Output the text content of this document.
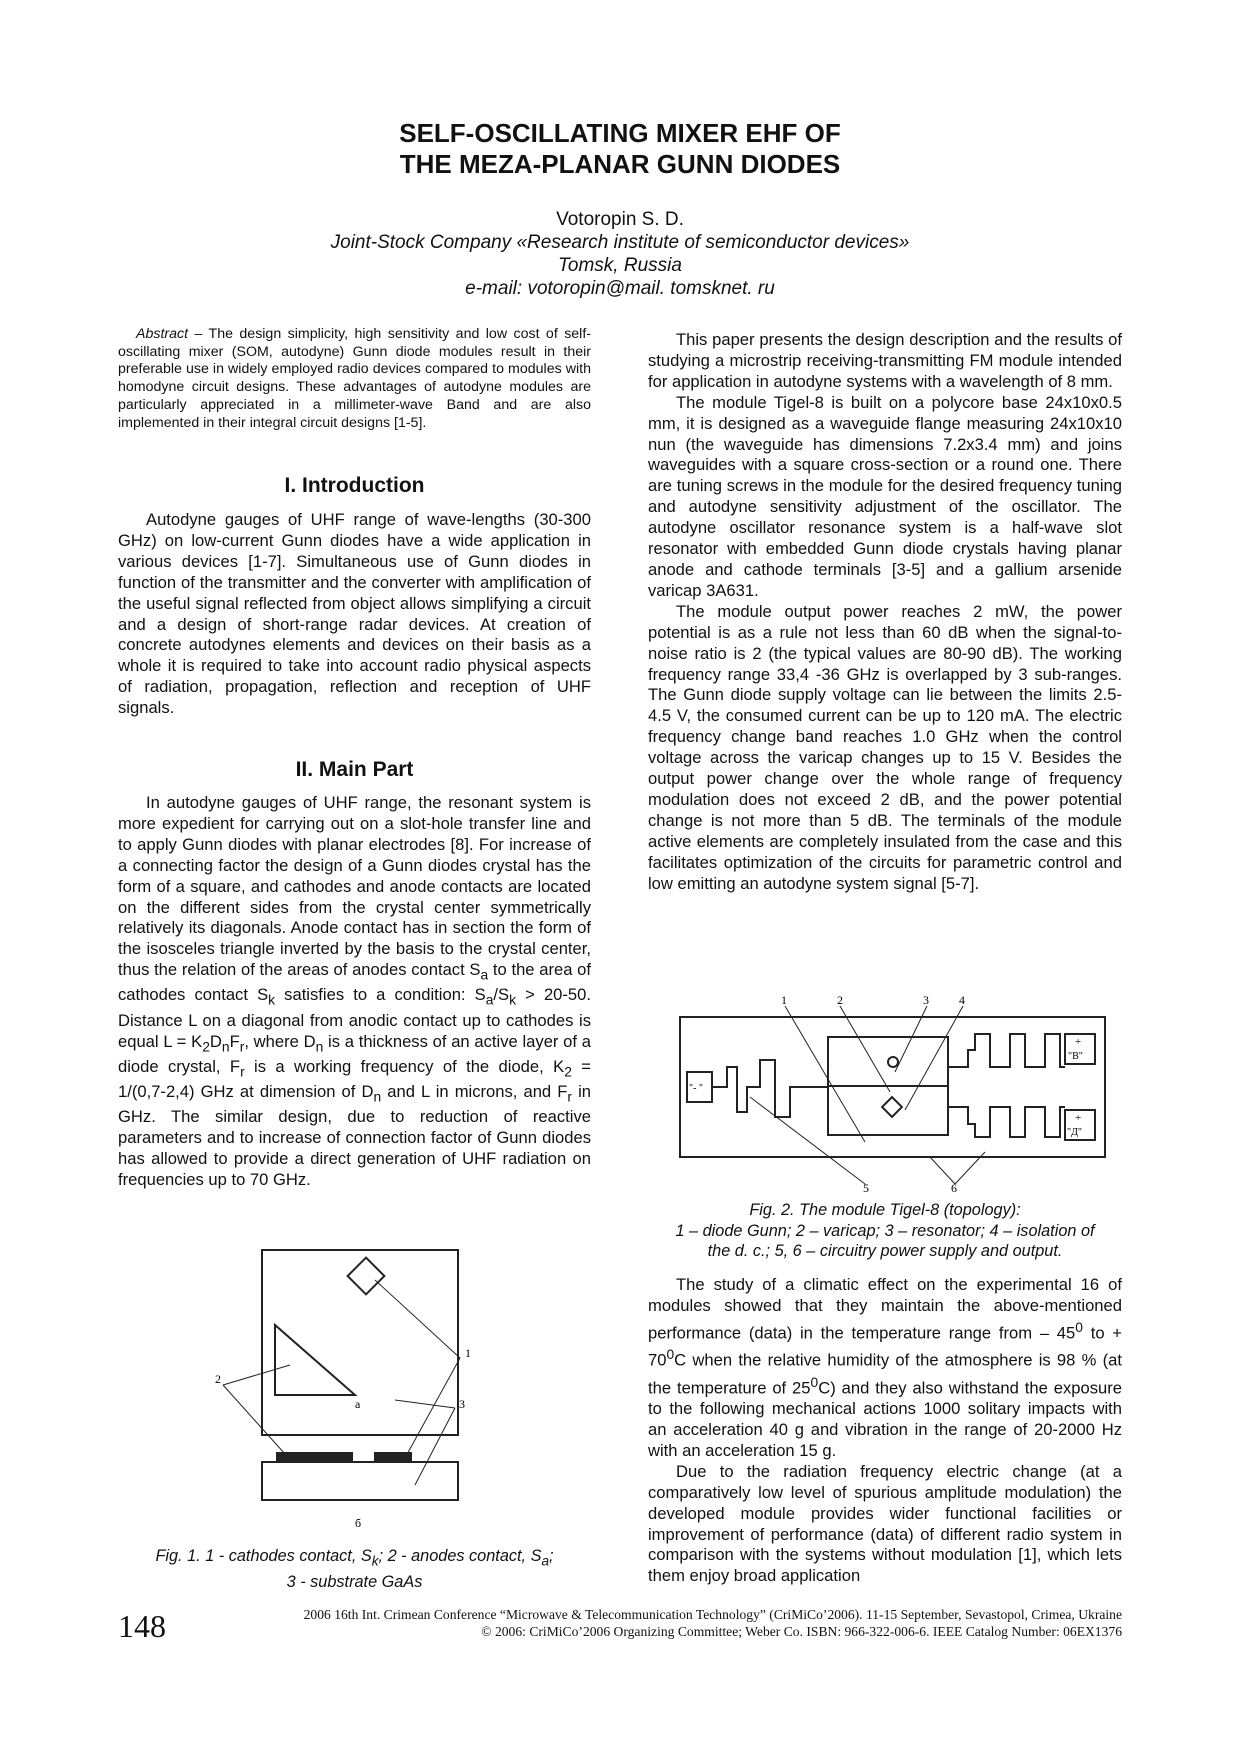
SELF-OSCILLATING MIXER EHF OF
THE MEZA-PLANAR GUNN DIODES
Votoropin S. D.
Joint-Stock Company «Research institute of semiconductor devices»
Tomsk, Russia
e-mail: votoropin@mail. tomsknet. ru

Abstract – The design simplicity, high sensitivity and low cost of self-oscillating mixer (SOM, autodyne) Gunn diode modules result in their preferable use in widely employed radio devices compared to modules with homodyne circuit designs. These advantages of autodyne modules are particularly appreciated in a millimeter-wave Band and are also implemented in their integral circuit designs [1-5].

I. Introduction

Autodyne gauges of UHF range of wave-lengths (30-300 GHz) on low-current Gunn diodes have a wide application in various devices [1-7]. Simultaneous use of Gunn diodes in function of the transmitter and the converter with amplification of the useful signal reflected from object allows simplifying a circuit and a design of short-range radar devices. At creation of concrete autodynes elements and devices on their basis as a whole it is required to take into account radio physical aspects of radiation, propagation, reflection and reception of UHF signals.

II. Main Part

In autodyne gauges of UHF range, the resonant system is more expedient for carrying out on a slot-hole transfer line and to apply Gunn diodes with planar electrodes [8]. For increase of a connecting factor the design of a Gunn diodes crystal has the form of a square, and cathodes and anode contacts are located on the different sides from the crystal center symmetrically relatively its diagonals. Anode contact has in section the form of the isosceles triangle inverted by the basis to the crystal center, thus the relation of the areas of anodes contact $S_a$ to the area of cathodes contact $S_k$ satisfies to a condition: $S_a/S_k > 20-50$. Distance L on a diagonal from anodic contact up to cathodes is equal $L = K_2D_nF_r$, where $D_n$ is a thickness of an active layer of a diode crystal, $F_r$ is a working frequency of the diode, $K_2 = 1/(0,7-2,4)$ GHz at dimension of $D_n$ and L in microns, and $F_r$ in GHz. The similar design, due to reduction of reactive parameters and to increase of connection factor of Gunn diodes has allowed to provide a direct generation of UHF radiation on frequencies up to 70 GHz.

1
2
3
a
б
Fig. 1. 1 - cathodes contact, $S_k$; 2 - anodes contact, $S_a$;
3 - substrate GaAs

This paper presents the design description and the results of studying a microstrip receiving-transmitting FM module intended for application in autodyne systems with a wavelength of 8 mm.

The module Tigel-8 is built on a polycore base 24x10x0.5 mm, it is designed as a waveguide flange measuring 24x10x10 nun (the waveguide has dimensions 7.2x3.4 mm) and joins waveguides with a square cross-section or a round one. There are tuning screws in the module for the desired frequency tuning and autodyne sensitivity adjustment of the oscillator. The autodyne oscillator resonance system is a half-wave slot resonator with embedded Gunn diode crystals having planar anode and cathode terminals [3-5] and a gallium arsenide varicap 3A631.

The module output power reaches 2 mW, the power potential is as a rule not less than 60 dB when the signal-to-noise ratio is 2 (the typical values are 80-90 dB). The working frequency range 33,4 -36 GHz is overlapped by 3 sub-ranges. The Gunn diode supply voltage can lie between the limits 2.5-4.5 V, the consumed current can be up to 120 mA. The electric frequency change band reaches 1.0 GHz when the control voltage across the varicap changes up to 15 V. Besides the output power change over the whole range of frequency modulation does not exceed 2 dB, and the power potential change is not more than 5 dB. The terminals of the module active elements are completely insulated from the case and this facilitates optimization of the circuits for parametric control and low emitting an autodyne system signal [5-7].

1	2	3	4
5	6
+
"B"
+
"Д"
"- "
Fig. 2. The module Tigel-8 (topology):
1 – diode Gunn; 2 – varicap; 3 – resonator; 4 – isolation of
the d. c.; 5, 6 – circuitry power supply and output.

The study of a climatic effect on the experimental 16 of modules showed that they maintain the above-mentioned performance (data) in the temperature range from – $45^0$ to + $70^0C$ when the relative humidity of the atmosphere is 98 % (at the temperature of $25^0C$) and they also withstand the exposure to the following mechanical actions 1000 solitary impacts with an acceleration 40 g and vibration in the range of 20-2000 Hz with an acceleration 15 g.

Due to the radiation frequency electric change (at a comparatively low level of spurious amplitude modulation) the developed module provides wider functional facilities or improvement of performance (data) of different radio system in comparison with the systems without modulation [1], which lets them enjoy broad application

148	2006 16th Int. Crimean Conference “Microwave & Telecommunication Technology” (CriMiCo’2006). 11-15 September, Sevastopol, Crimea, Ukraine
© 2006: CriMiCo’2006 Organizing Committee; Weber Co. ISBN: 966-322-006-6. IEEE Catalog Number: 06EX1376
